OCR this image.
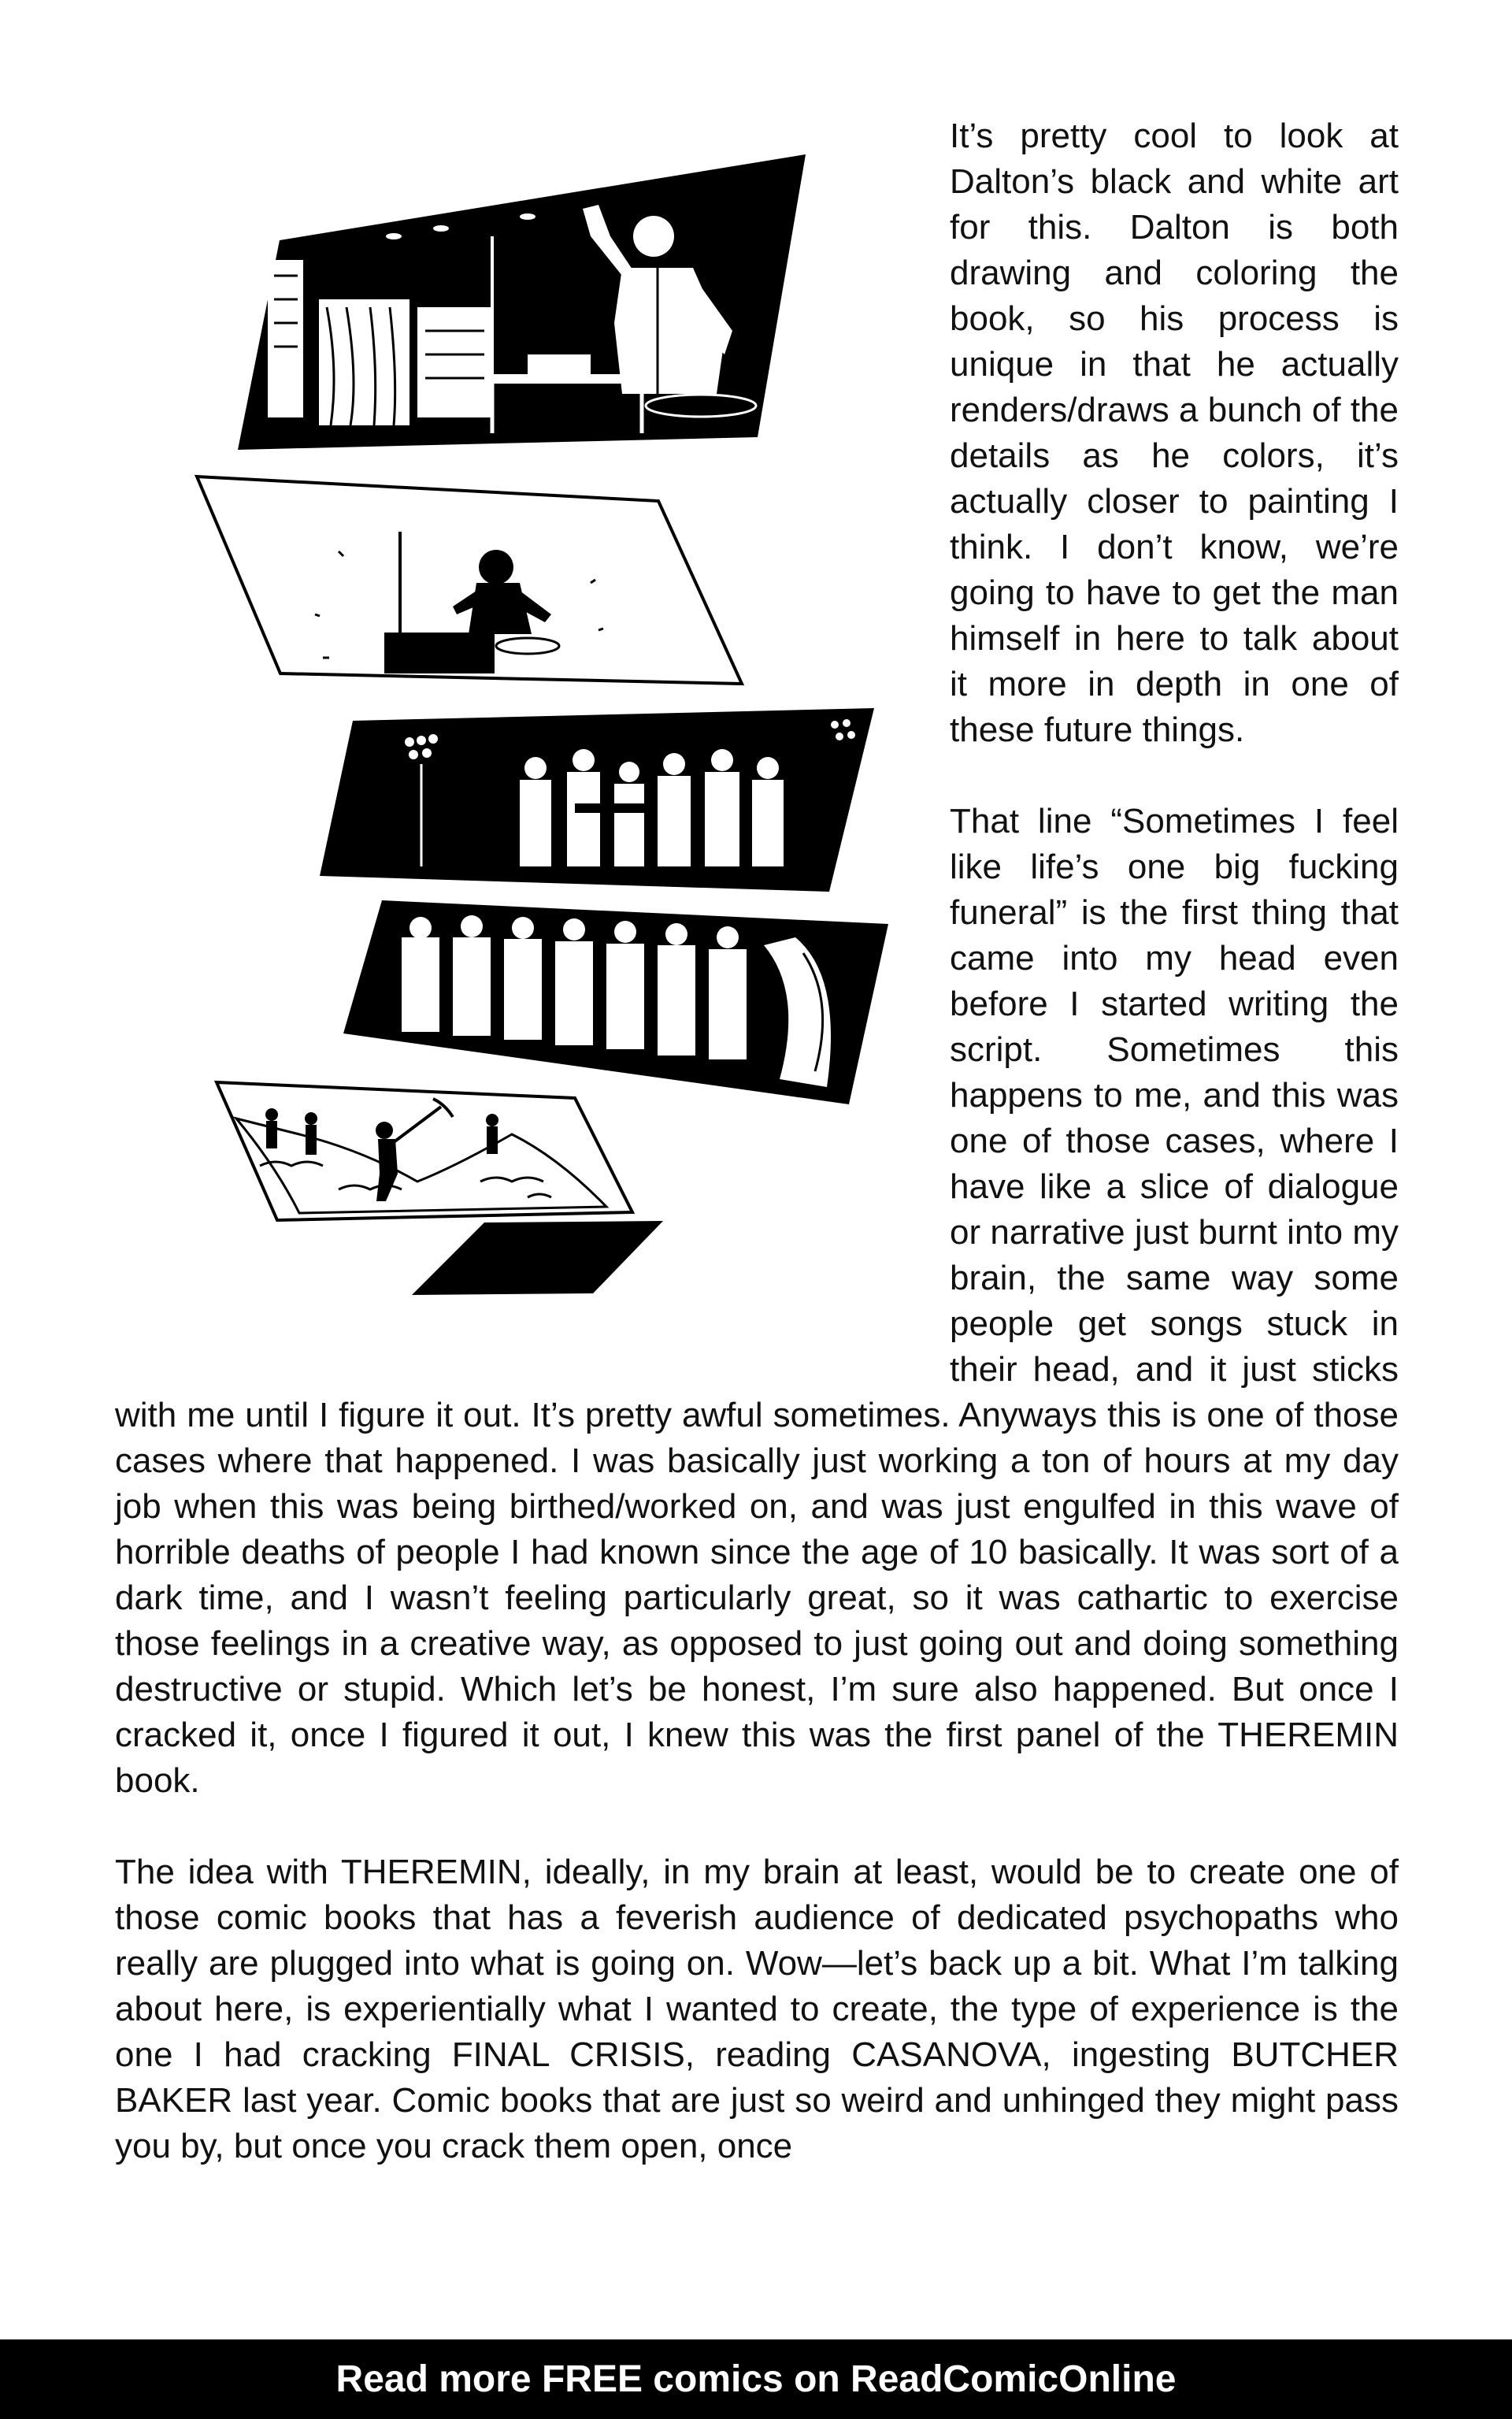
It’s pretty cool to look at Dalton’s black and white art for this. Dalton is both drawing and coloring the book, so his process is unique in that he actually renders/draws a bunch of the details as he colors, it’s actually closer to painting I think. I don’t know, we’re going to have to get the man himself in here to talk about it more in depth in one of these future things.

That line “Sometimes I feel like life’s one big fucking funeral” is the first thing that came into my head even before I started writing the script. Sometimes this happens to me, and this was one of those cases, where I have like a slice of dialogue or narrative just burnt into my brain, the same way some people get songs stuck in their head, and it just sticks with me until I figure it out. It’s pretty awful sometimes. Anyways this is one of those cases where that happened. I was basically just working a ton of hours at my day job when this was being birthed/worked on, and was just engulfed in this wave of horrible deaths of people I had known since the age of 10 basically. It was sort of a dark time, and I wasn’t feeling particularly great, so it was cathartic to exercise those feelings in a creative way, as opposed to just going out and doing something destructive or stupid. Which let’s be honest, I’m sure also happened. But once I cracked it, once I figured it out, I knew this was the first panel of the THEREMIN book.

The idea with THEREMIN, ideally, in my brain at least, would be to create one of those comic books that has a feverish audience of dedicated psychopaths who really are plugged into what is going on. Wow—let’s back up a bit. What I’m talking about here, is experientially what I wanted to create, the type of experience is the one I had cracking FINAL CRISIS, reading CASANOVA, ingesting BUTCHER BAKER last year. Comic books that are just so weird and unhinged they might pass you by, but once you crack them open, once

Read more FREE comics on ReadComicOnline
